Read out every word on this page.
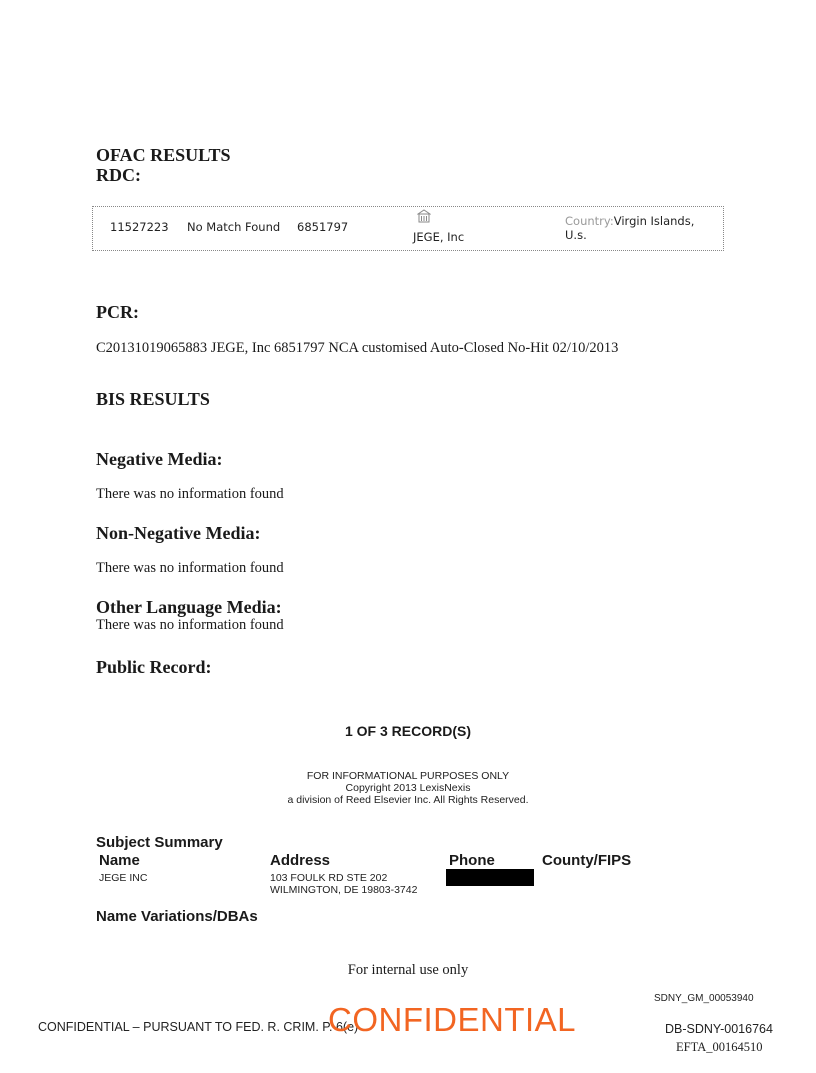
OFAC RESULTS
RDC:
11527223 No Match Found 6851797
JEGE, Inc
Country:Virgin Islands,
U.s.
PCR:
C20131019065883 JEGE, Inc 6851797 NCA customised Auto-Closed No-Hit 02/10/2013
BIS RESULTS
Negative Media:
There was no information found
Non-Negative Media:
There was no information found
Other Language Media:
There was no information found
Public Record:
1 OF 3 RECORD(S)
FOR INFORMATIONAL PURPOSES ONLY
Copyright 2013 LexisNexis
a division of Reed Elsevier Inc. All Rights Reserved.
Subject Summary
Name	Address	Phone	County/FIPS
JEGE INC	103 FOULK RD STE 202
WILMINGTON, DE 19803-3742
Name Variations/DBAs
For internal use only
SDNY_GM_00053940
CONFIDENTIAL – PURSUANT TO FED. R. CRIM. P. 6(e)
CONFIDENTIAL	DB-SDNY-0016764
EFTA_00164510
